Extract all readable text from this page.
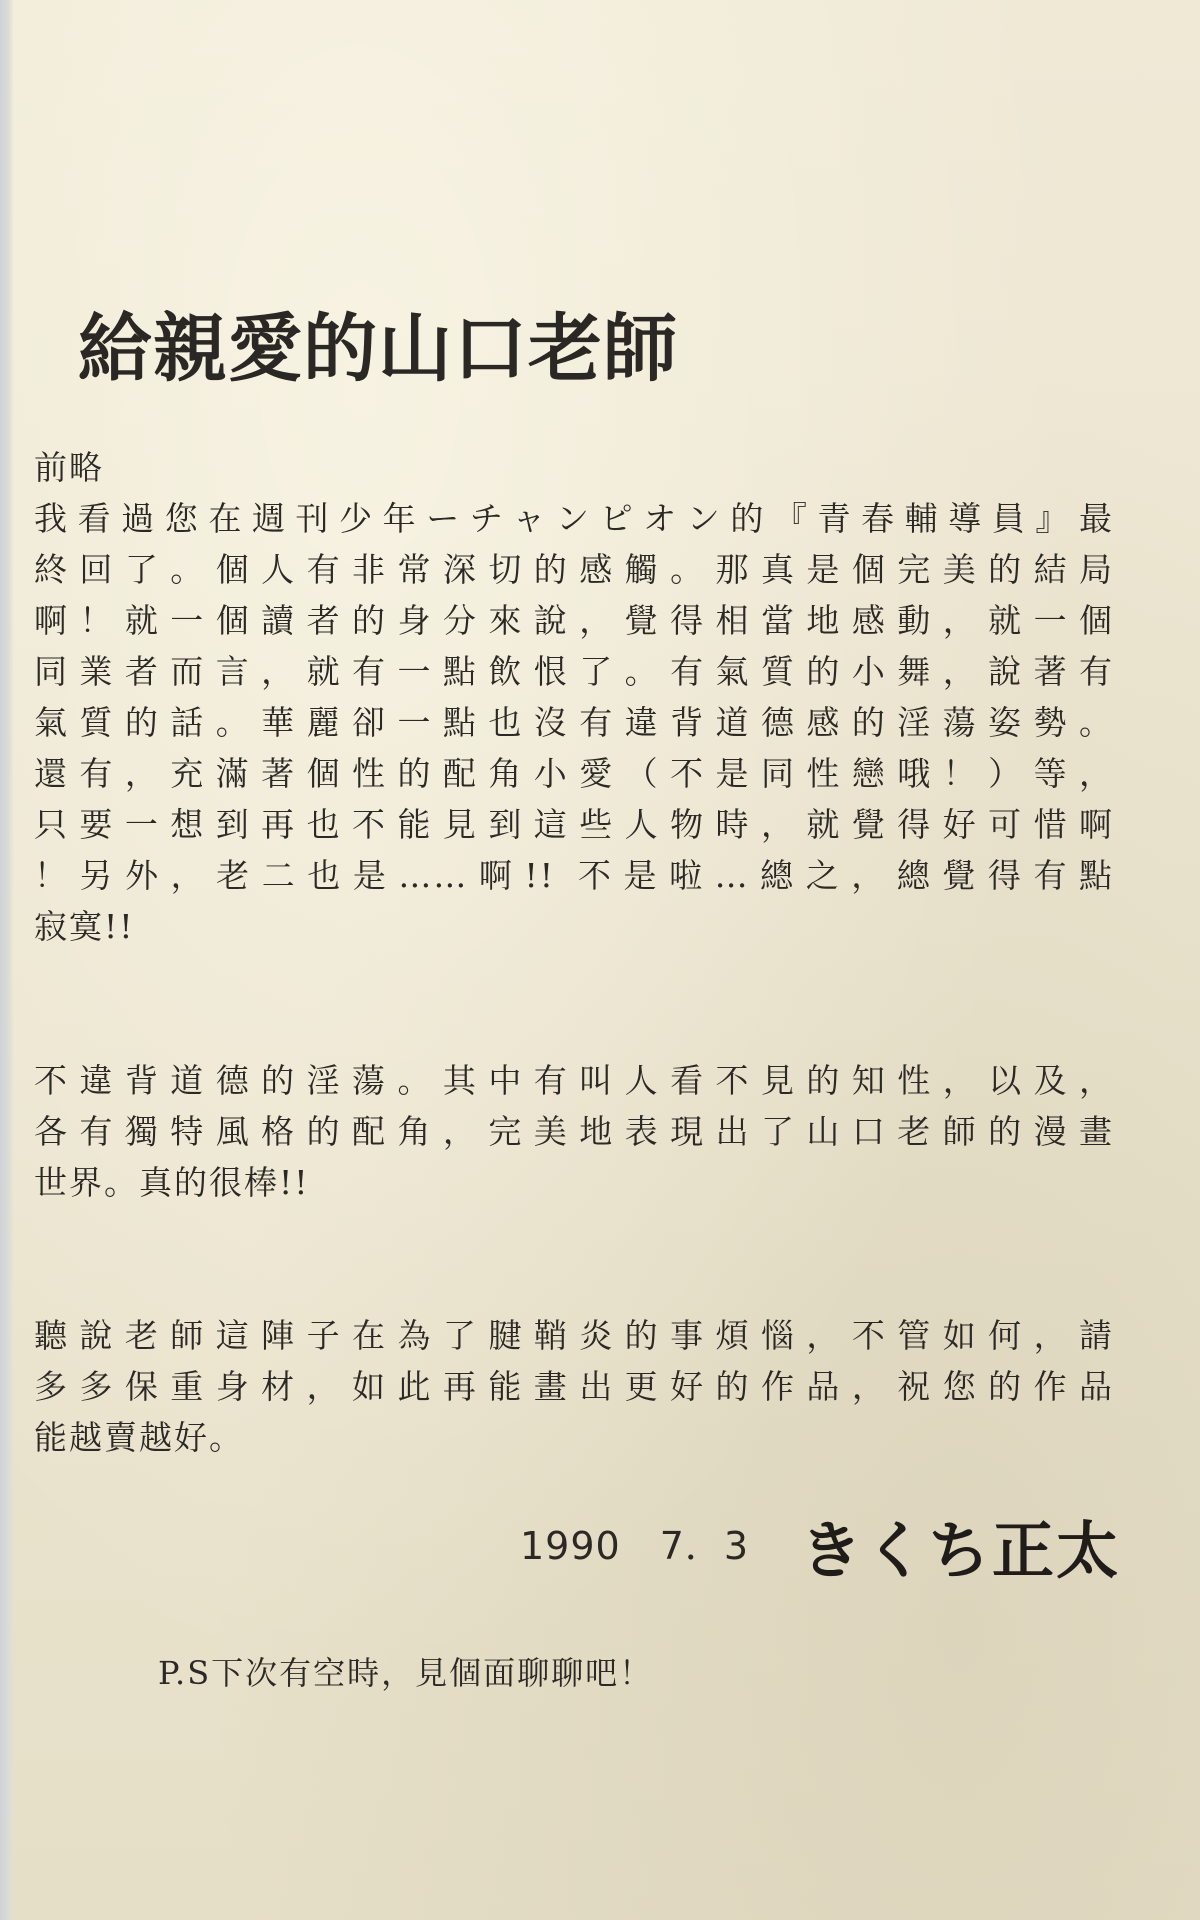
給親愛的山口老師
前略
我看過您在週刊少年ーチャンピオン的『青春輔導員』最
終回了。個人有非常深切的感觸。那真是個完美的結局
啊！就一個讀者的身分來說，覺得相當地感動，就一個
同業者而言，就有一點飲恨了。有氣質的小舞，說著有
氣質的話。華麗卻一點也沒有違背道德感的淫蕩姿勢。
還有，充滿著個性的配角小愛（不是同性戀哦！）等，
只要一想到再也不能見到這些人物時，就覺得好可惜啊
！另外，老二也是……啊!! 不是啦…總之，總覺得有點
寂寞!!
不違背道德的淫蕩。其中有叫人看不見的知性，以及，
各有獨特風格的配角，完美地表現出了山口老師的漫畫
世界。真的很棒!!
聽說老師這陣子在為了腱鞘炎的事煩惱，不管如何，請
多多保重身材，如此再能畫出更好的作品，祝您的作品
能越賣越好。
1990　7．3 きくち正太
P.S下次有空時，見個面聊聊吧！
